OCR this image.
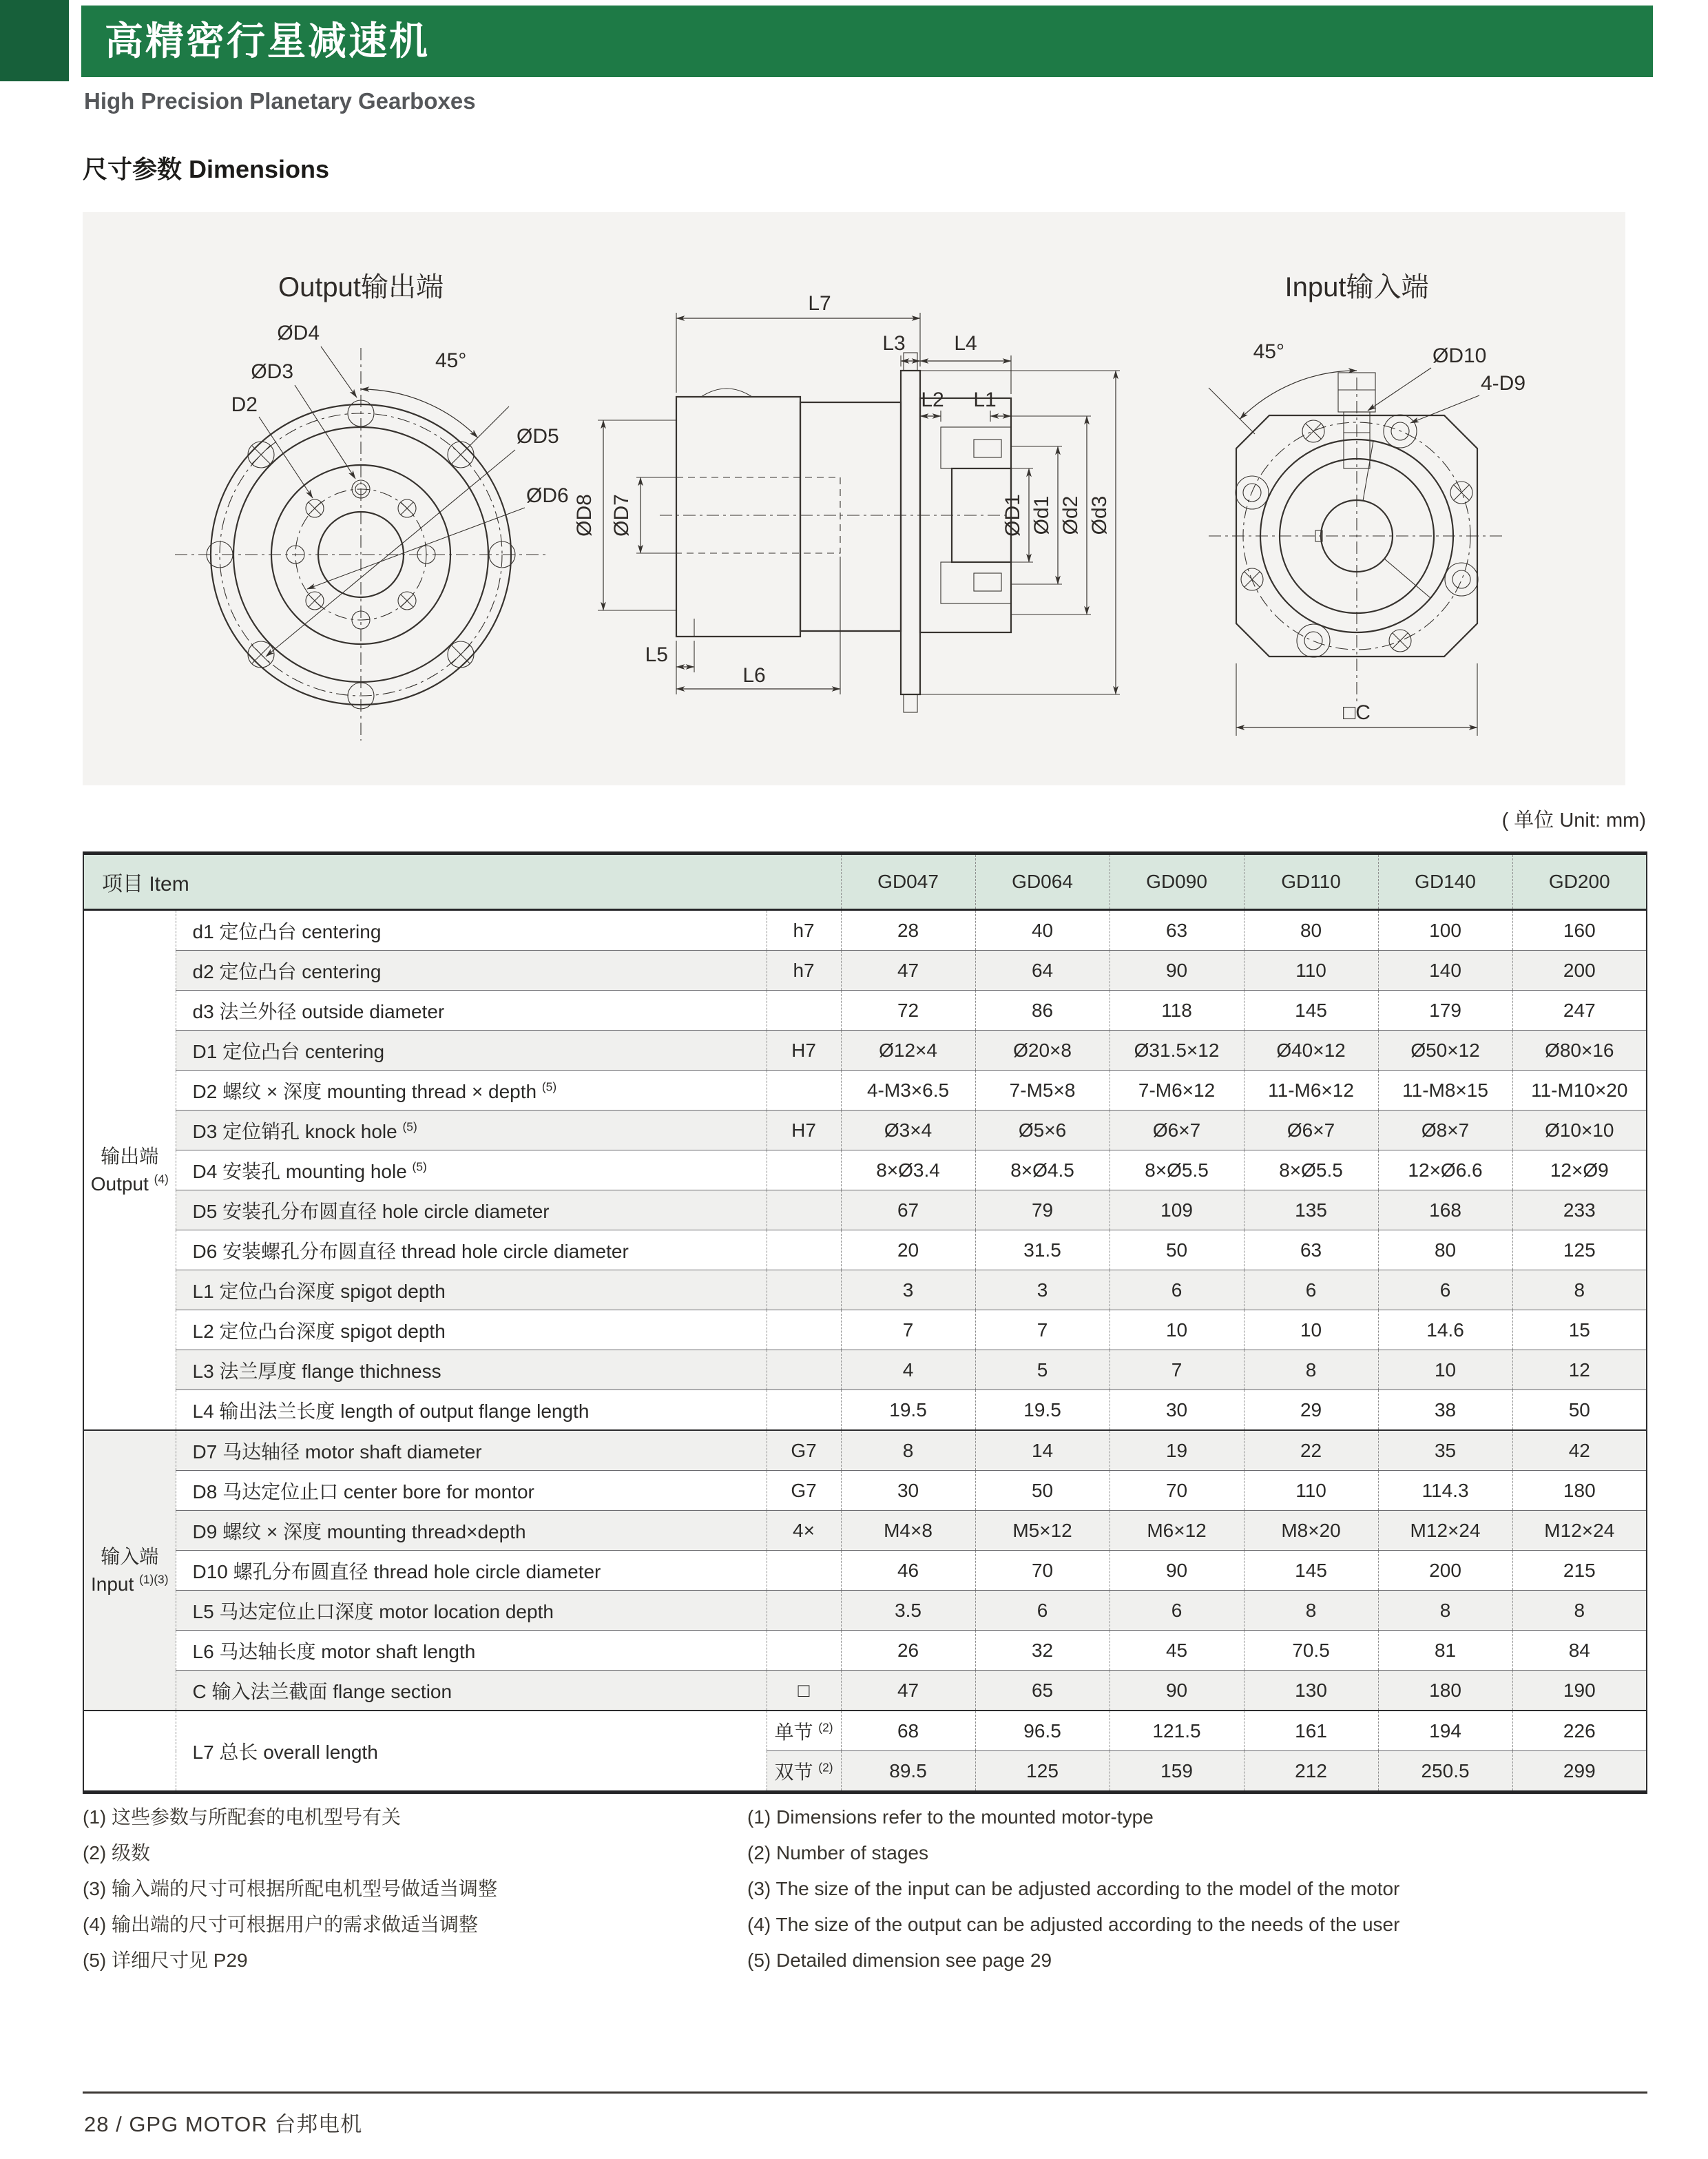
高精密行星减速机
High Precision Planetary Gearboxes
尺寸参数 Dimensions
Output输出端
45°
ØD4
ØD3
D2
ØD5
ØD6
L7
L3 L4
L2 L1
ØD8 ØD7	ØD1 Ød1 Ød2 Ød3
L5
L6
Input输入端
45°	ØD10
4-D9
□C
( 单位 Unit: mm)
项目 Item			GD047	GD064	GD090	GD110	GD140	GD200

输出端
Output $^{(4)}$	d1 定位凸台 centering	h7	28	40	63	80	100	160
	d2 定位凸台 centering	h7	47	64	90	110	140	200
	d3 法兰外径 outside diameter		72	86	118	145	179	247
	D1 定位凸台 centering	H7	Ø12×4	Ø20×8	Ø31.5×12	Ø40×12	Ø50×12	Ø80×16
	D2 螺纹 × 深度 mounting thread × depth $^{(5)}$		4-M3×6.5	7-M5×8	7-M6×12	11-M6×12	11-M8×15	11-M10×20
	D3 定位销孔 knock hole $^{(5)}$	H7	Ø3×4	Ø5×6	Ø6×7	Ø6×7	Ø8×7	Ø10×10
	D4 安装孔 mounting hole $^{(5)}$		8×Ø3.4	8×Ø4.5	8×Ø5.5	8×Ø5.5	12×Ø6.6	12×Ø9
	D5 安装孔分布圆直径 hole circle diameter		67	79	109	135	168	233
	D6 安装螺孔分布圆直径 thread hole circle diameter		20	31.5	50	63	80	125
	L1 定位凸台深度 spigot depth		3	3	6	6	6	8
	L2 定位凸台深度 spigot depth		7	7	10	10	14.6	15
	L3 法兰厚度 flange thichness		4	5	7	8	10	12
	L4 输出法兰长度 length of output flange length		19.5	19.5	30	29	38	50

输入端
Input $^{(1)(3)}$	D7 马达轴径 motor shaft diameter	G7	8	14	19	22	35	42
	D8 马达定位止口 center bore for montor	G7	30	50	70	110	114.3	180
	D9 螺纹 × 深度 mounting thread×depth	4×	M4×8	M5×12	M6×12	M8×20	M12×24	M12×24
	D10 螺孔分布圆直径 thread hole circle diameter		46	70	90	145	200	215
	L5 马达定位止口深度 motor location depth		3.5	6	6	8	8	8
	L6 马达轴长度 motor shaft length		26	32	45	70.5	81	84
	C 输入法兰截面 flange section	□	47	65	90	130	180	190
	L7 总长 overall length	单节 $^{(2)}$	68	96.5	121.5	161	194	226
		双节 $^{(2)}$	89.5	125	159	212	250.5	299
(1) 这些参数与所配套的电机型号有关
(2) 级数
(3) 输入端的尺寸可根据所配电机型号做适当调整
(4) 输出端的尺寸可根据用户的需求做适当调整
(5) 详细尺寸见 P29
(1) Dimensions refer to the mounted motor-type
(2) Number of stages
(3) The size of the input can be adjusted according to the model of the motor
(4) The size of the output can be adjusted according to the needs of the user
(5) Detailed dimension see page 29
28 / GPG MOTOR 台邦电机
